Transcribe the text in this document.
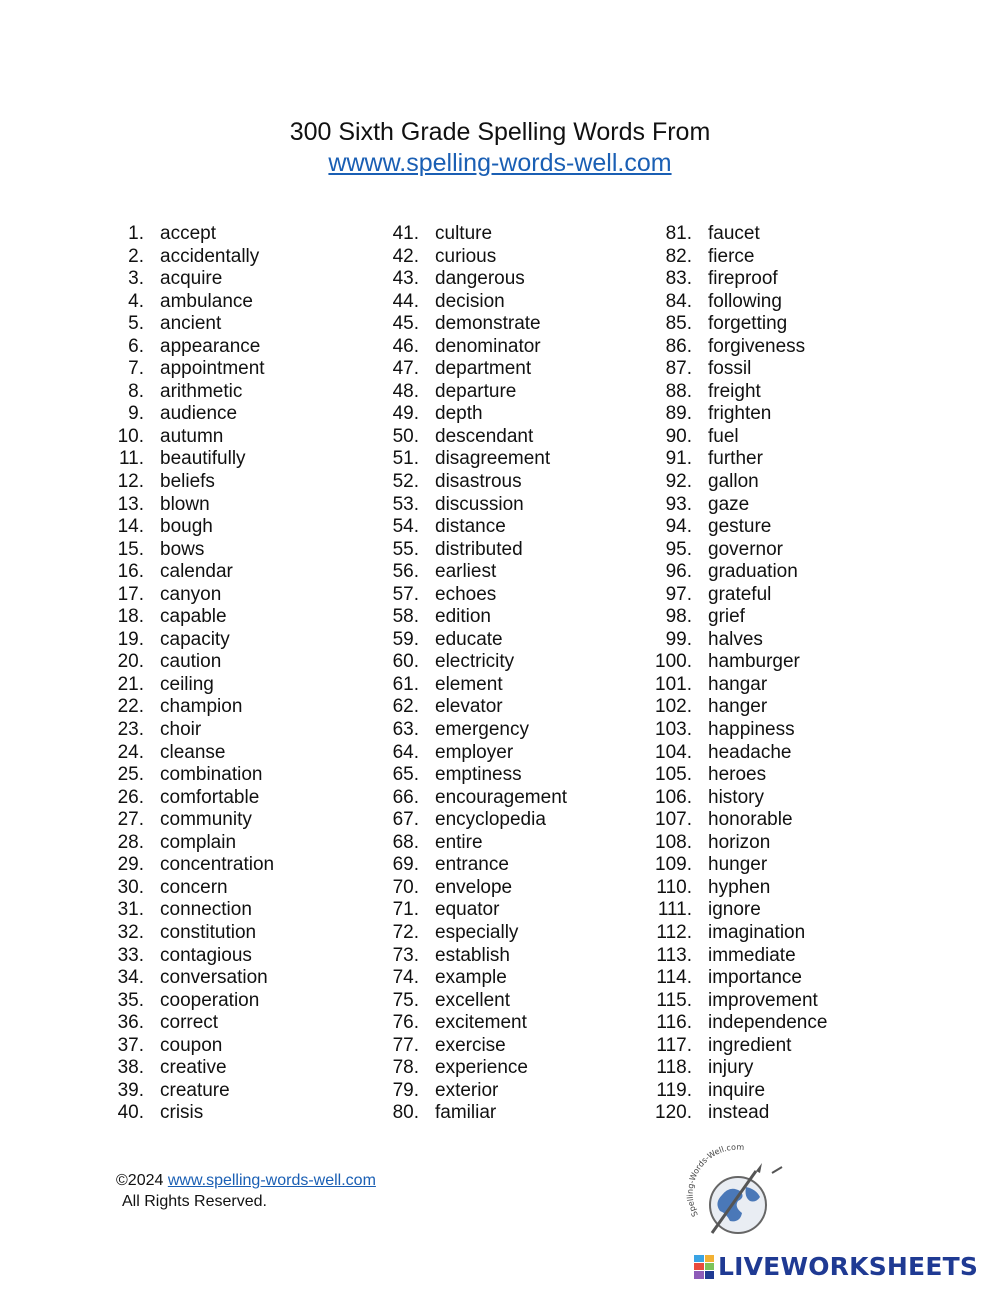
300 Sixth Grade Spelling Words From
wwww.spelling-words-well.com
1. accept
2. accidentally
3. acquire
4. ambulance
5. ancient
6. appearance
7. appointment
8. arithmetic
9. audience
10. autumn
11. beautifully
12. beliefs
13. blown
14. bough
15. bows
16. calendar
17. canyon
18. capable
19. capacity
20. caution
21. ceiling
22. champion
23. choir
24. cleanse
25. combination
26. comfortable
27. community
28. complain
29. concentration
30. concern
31. connection
32. constitution
33. contagious
34. conversation
35. cooperation
36. correct
37. coupon
38. creative
39. creature
40. crisis
41. culture
42. curious
43. dangerous
44. decision
45. demonstrate
46. denominator
47. department
48. departure
49. depth
50. descendant
51. disagreement
52. disastrous
53. discussion
54. distance
55. distributed
56. earliest
57. echoes
58. edition
59. educate
60. electricity
61. element
62. elevator
63. emergency
64. employer
65. emptiness
66. encouragement
67. encyclopedia
68. entire
69. entrance
70. envelope
71. equator
72. especially
73. establish
74. example
75. excellent
76. excitement
77. exercise
78. experience
79. exterior
80. familiar
81. faucet
82. fierce
83. fireproof
84. following
85. forgetting
86. forgiveness
87. fossil
88. freight
89. frighten
90. fuel
91. further
92. gallon
93. gaze
94. gesture
95. governor
96. graduation
97. grateful
98. grief
99. halves
100. hamburger
101. hangar
102. hanger
103. happiness
104. headache
105. heroes
106. history
107. honorable
108. horizon
109. hunger
110. hyphen
111. ignore
112. imagination
113. immediate
114. importance
115. improvement
116. independence
117. ingredient
118. injury
119. inquire
120. instead
©2024 www.spelling-words-well.com
All Rights Reserved.
Spelling-Words-Well.com
LIVEWORKSHEETS
